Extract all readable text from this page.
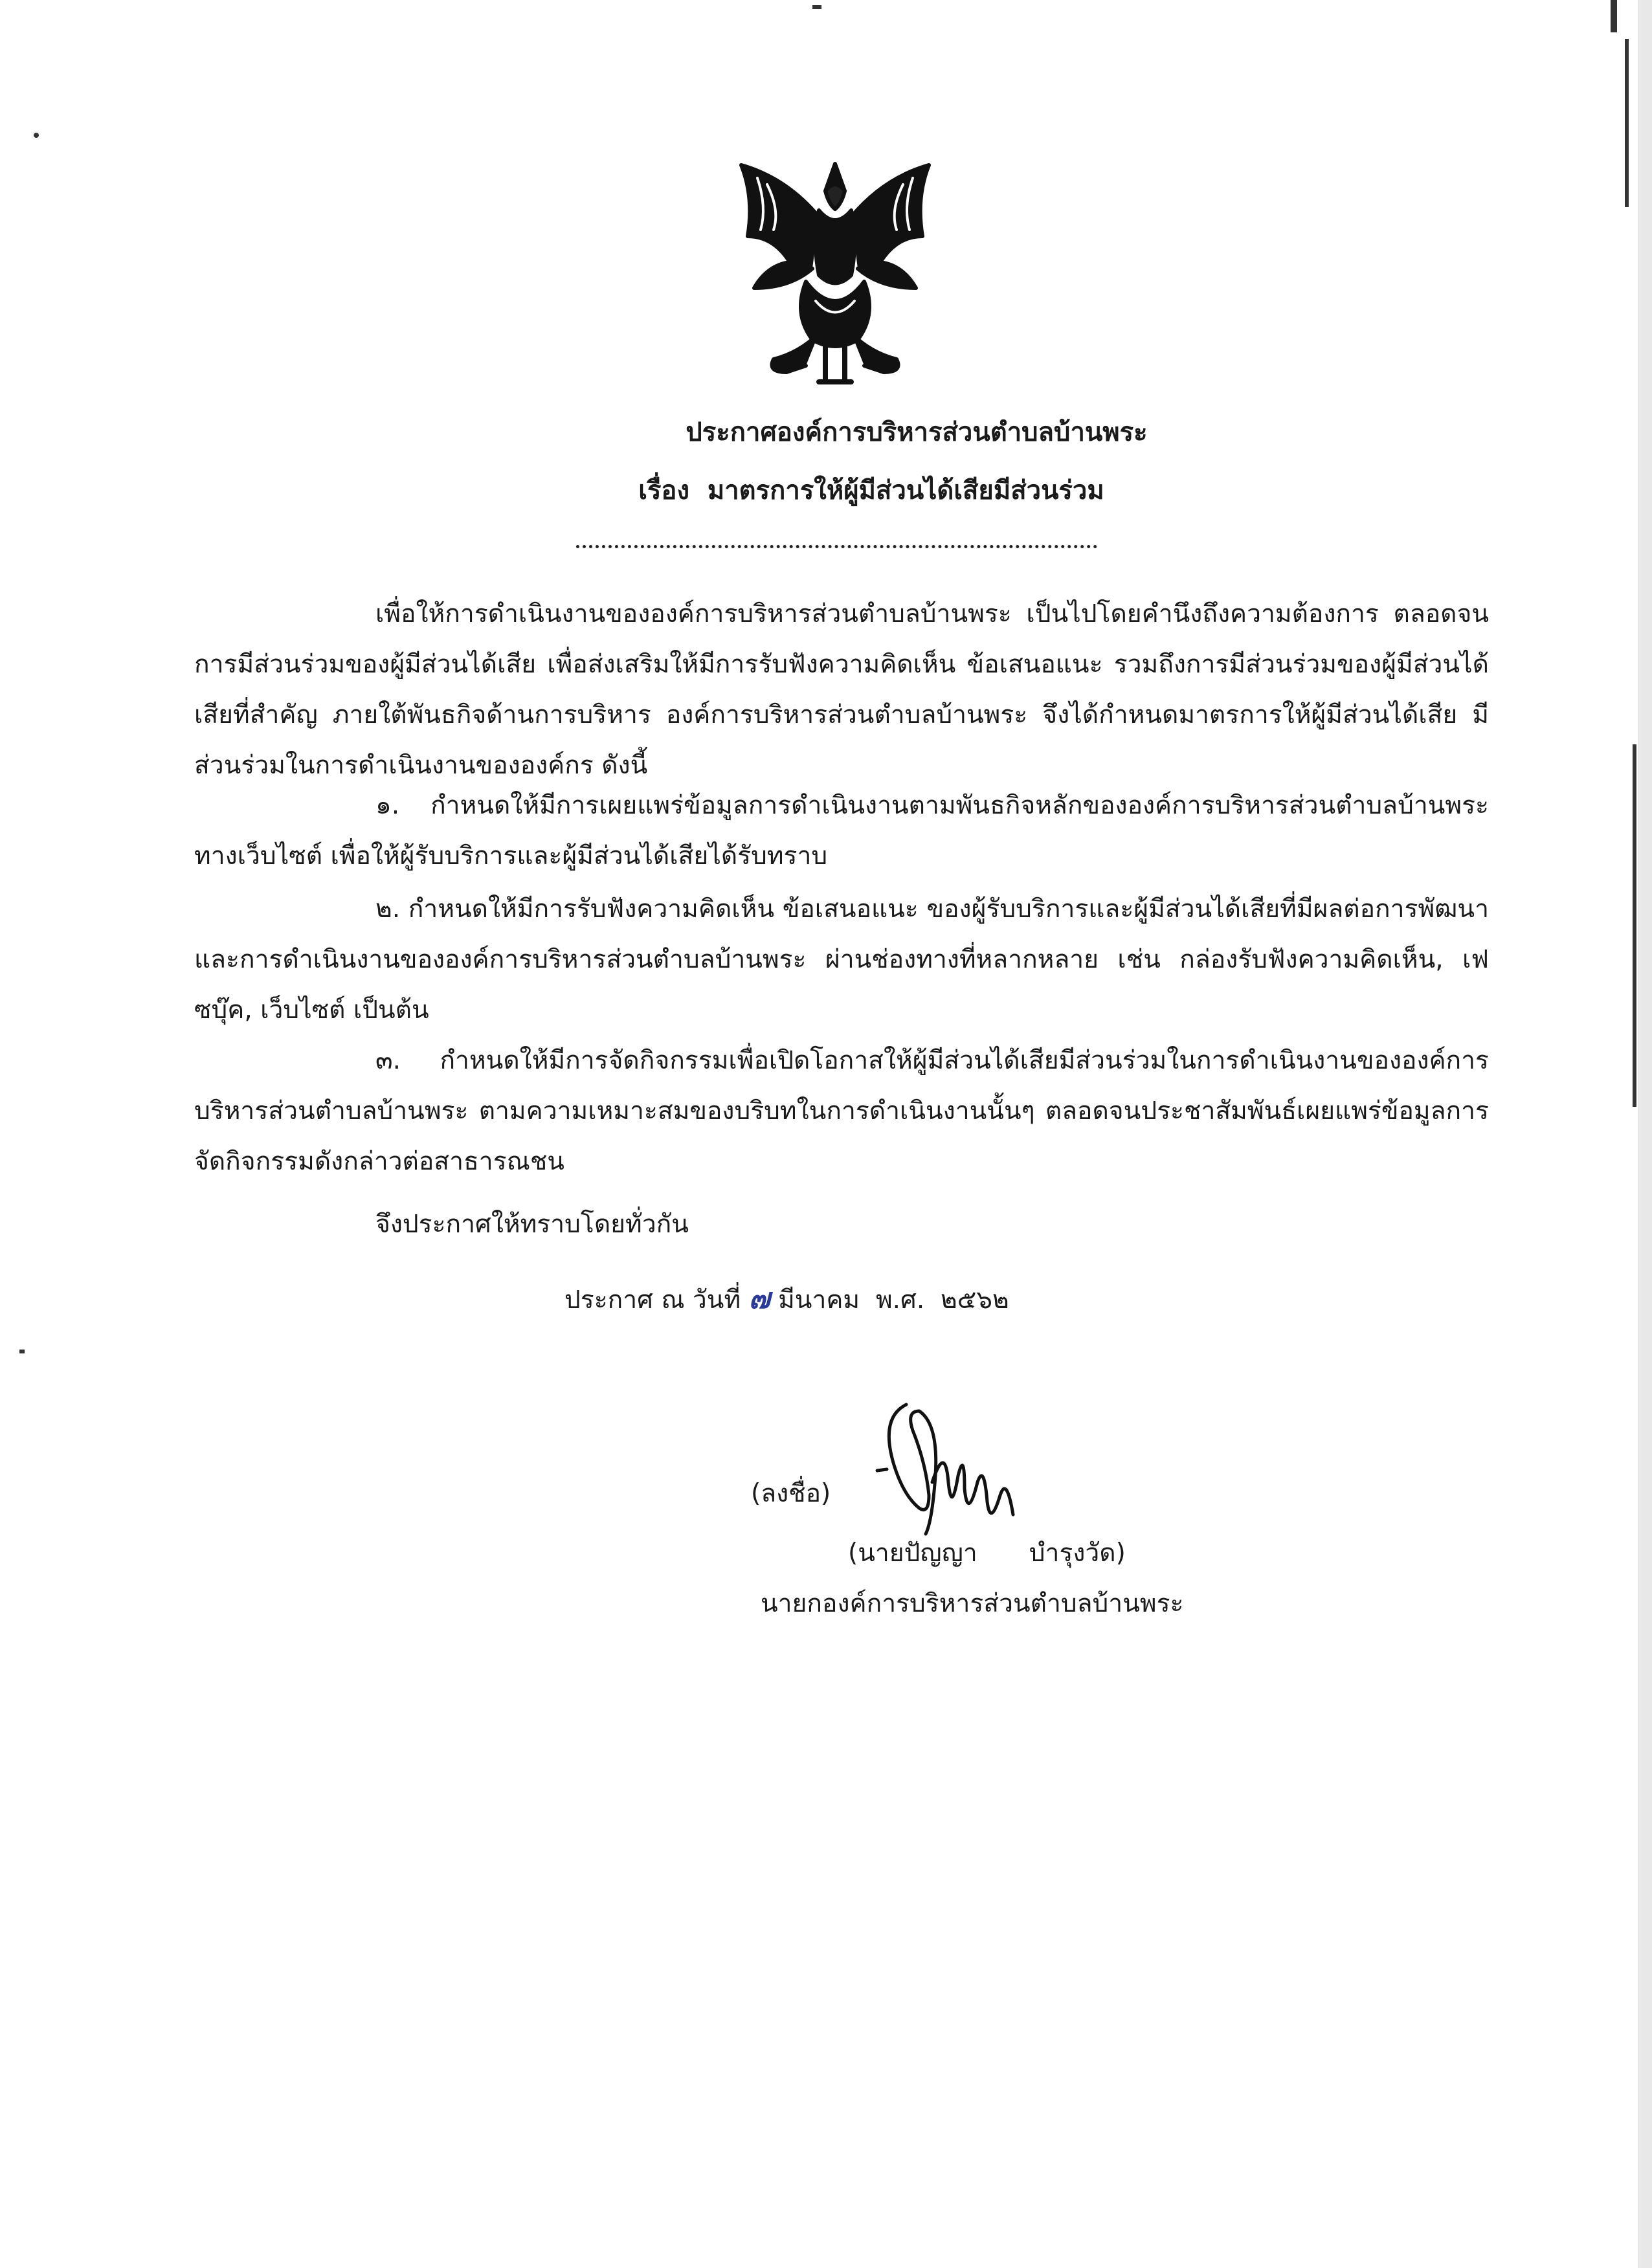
ประกาศองค์การบริหารส่วนตำบลบ้านพระ
เรื่อง มาตรการให้ผู้มีส่วนได้เสียมีส่วนร่วม

เพื่อให้การดำเนินงานขององค์การบริหารส่วนตำบลบ้านพระ เป็นไปโดยคำนึงถึงความต้องการ ตลอดจนการมีส่วนร่วมของผู้มีส่วนได้เสีย เพื่อส่งเสริมให้มีการรับฟังความคิดเห็น ข้อเสนอแนะ รวมถึงการมีส่วนร่วมของผู้มีส่วนได้เสียที่สำคัญ ภายใต้พันธกิจด้านการบริหาร องค์การบริหารส่วนตำบลบ้านพระ จึงได้กำหนดมาตรการให้ผู้มีส่วนได้เสีย มีส่วนร่วมในการดำเนินงานขององค์กร ดังนี้

๑. กำหนดให้มีการเผยแพร่ข้อมูลการดำเนินงานตามพันธกิจหลักขององค์การบริหารส่วนตำบลบ้านพระ ทางเว็บไซต์ เพื่อให้ผู้รับบริการและผู้มีส่วนได้เสียได้รับทราบ

๒. กำหนดให้มีการรับฟังความคิดเห็น ข้อเสนอแนะ ของผู้รับบริการและผู้มีส่วนได้เสียที่มีผลต่อการพัฒนาและการดำเนินงานขององค์การบริหารส่วนตำบลบ้านพระ ผ่านช่องทางที่หลากหลาย เช่น กล่องรับฟังความคิดเห็น, เฟซบุ๊ค, เว็บไซต์ เป็นต้น

๓. กำหนดให้มีการจัดกิจกรรมเพื่อเปิดโอกาสให้ผู้มีส่วนได้เสียมีส่วนร่วมในการดำเนินงานขององค์การบริหารส่วนตำบลบ้านพระ ตามความเหมาะสมของบริบทในการดำเนินงานนั้นๆ ตลอดจนประชาสัมพันธ์เผยแพร่ข้อมูลการจัดกิจกรรมดังกล่าวต่อสาธารณชน

จึงประกาศให้ทราบโดยทั่วกัน
ประกาศ ณ วันที่ ๗ มีนาคม พ.ศ. ๒๕๖๒
(ลงชื่อ)
(นายปัญญา บำรุงวัด)
นายกองค์การบริหารส่วนตำบลบ้านพระ
